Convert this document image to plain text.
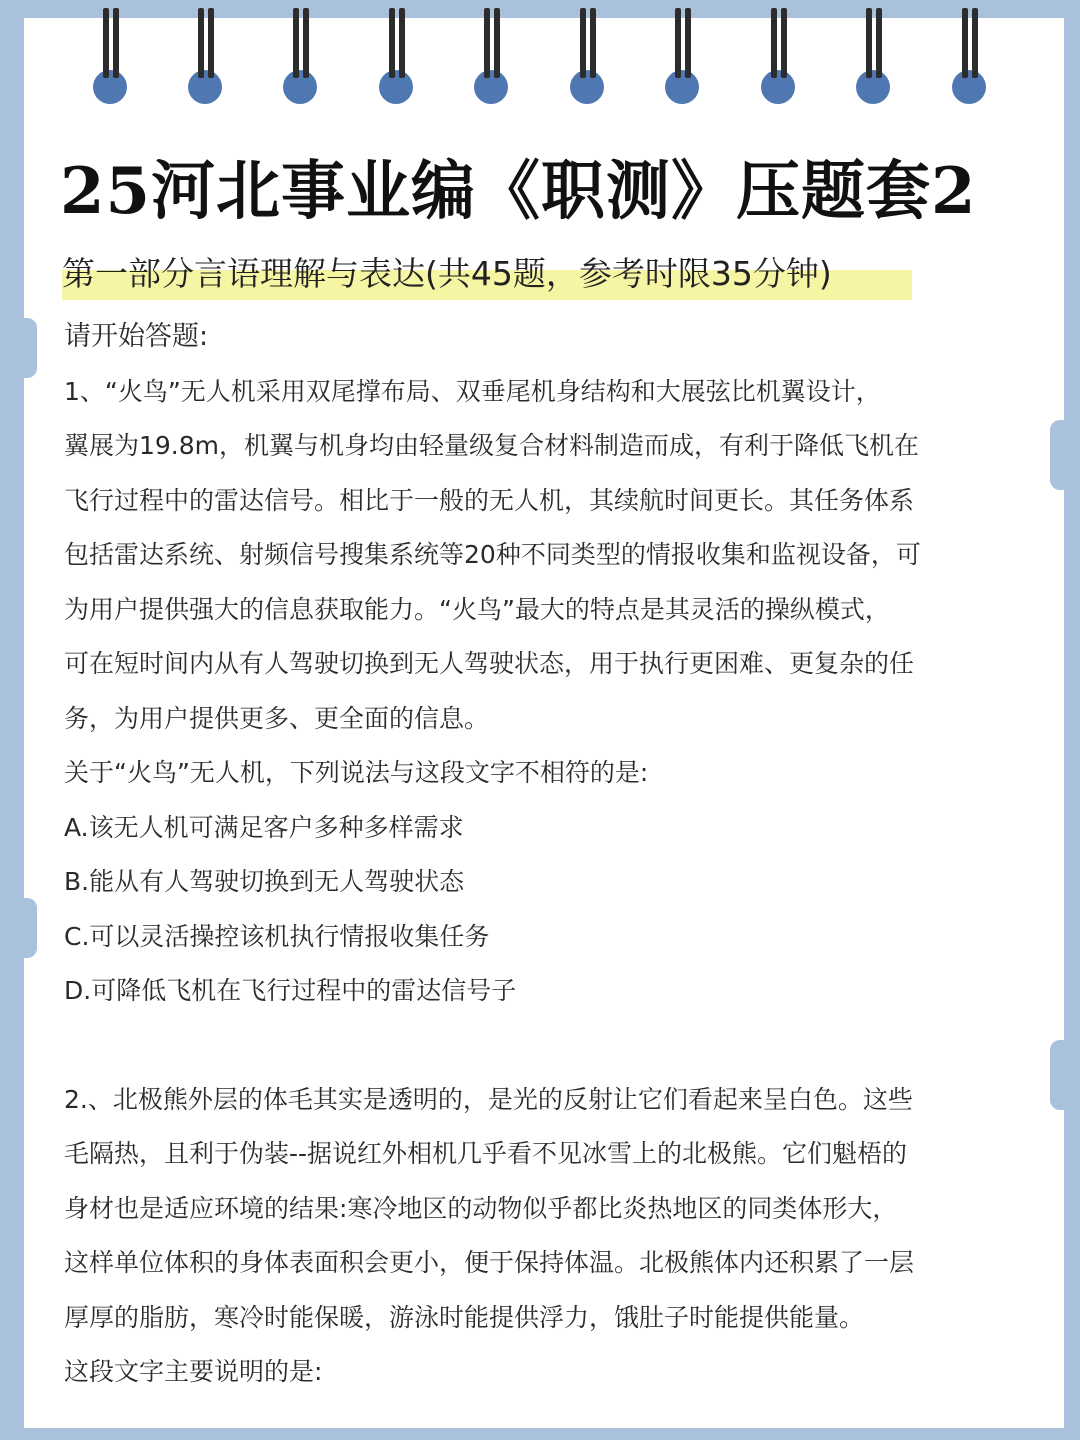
25河北事业编《职测》压题套2
第一部分言语理解与表达(共45题，参考时限35分钟)
请开始答题:
1、“火鸟”无人机采用双尾撑布局、双垂尾机身结构和大展弦比机翼设计，
翼展为19.8m，机翼与机身均由轻量级复合材料制造而成，有利于降低飞机在
飞行过程中的雷达信号。相比于一般的无人机，其续航时间更长。其任务体系
包括雷达系统、射频信号搜集系统等20种不同类型的情报收集和监视设备，可
为用户提供强大的信息获取能力。“火鸟”最大的特点是其灵活的操纵模式，
可在短时间内从有人驾驶切换到无人驾驶状态，用于执行更困难、更复杂的任
务，为用户提供更多、更全面的信息。
关于“火鸟”无人机，下列说法与这段文字不相符的是:
A.该无人机可满足客户多种多样需求
B.能从有人驾驶切换到无人驾驶状态
C.可以灵活操控该机执行情报收集任务
D.可降低飞机在飞行过程中的雷达信号子
2.、北极熊外层的体毛其实是透明的，是光的反射让它们看起来呈白色。这些
毛隔热，且利于伪装--据说红外相机几乎看不见冰雪上的北极熊。它们魁梧的
身材也是适应环境的结果:寒冷地区的动物似乎都比炎热地区的同类体形大，
这样单位体积的身体表面积会更小，便于保持体温。北极熊体内还积累了一层
厚厚的脂肪，寒冷时能保暖，游泳时能提供浮力，饿肚子时能提供能量。
这段文字主要说明的是:
